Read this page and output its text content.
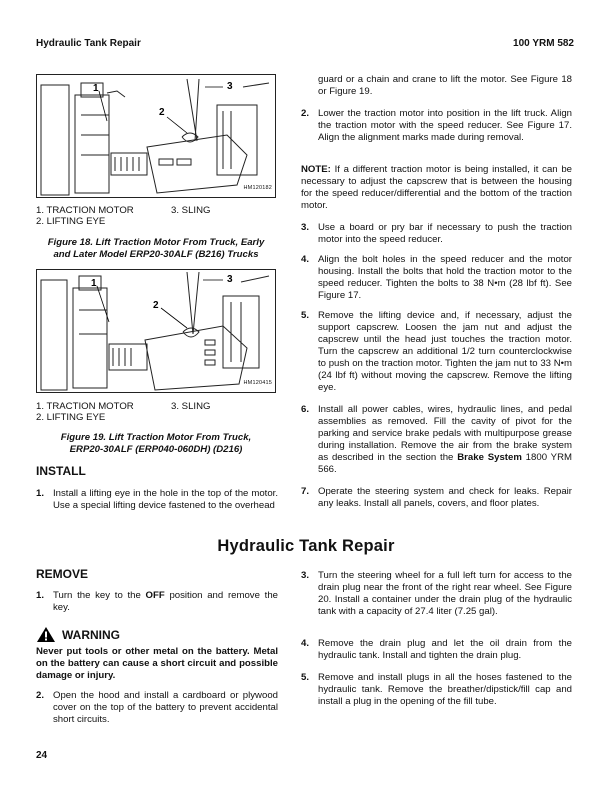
Hydraulic Tank Repair	100 YRM 582
1
2
3
HM120182
1. TRACTION MOTOR	3. SLING
2. LIFTING EYE
Figure 18. Lift Traction Motor From Truck, Early
and Later Model ERP20-30ALF (B216) Trucks
1
2
3
HM120415
1. TRACTION MOTOR	3. SLING
2. LIFTING EYE
Figure 19. Lift Traction Motor From Truck,
ERP20-30ALF (ERP040-060DH) (D216)
INSTALL
1. Install a lifting eye in the hole in the top of the motor. Use a special lifting device fastened to the overhead
guard or a chain and crane to lift the motor. See Figure 18 or Figure 19.
2. Lower the traction motor into position in the lift truck. Align the traction motor with the speed reducer. See Figure 17. Align the alignment marks made during removal.
NOTE: If a different traction motor is being installed, it can be necessary to adjust the capscrew that is between the housing for the speed reducer/differential and the bottom of the traction motor.
3. Use a board or pry bar if necessary to push the traction motor into the speed reducer.
4. Align the bolt holes in the speed reducer and the motor housing. Install the bolts that hold the traction motor to the speed reducer. Tighten the bolts to 38 N•m (28 lbf ft). See Figure 17.
5. Remove the lifting device and, if necessary, adjust the support capscrew. Loosen the jam nut and adjust the capscrew until the head just touches the traction motor. Turn the capscrew an additional 1/2 turn counterclockwise to push on the traction motor. Tighten the jam nut to 33 N•m (24 lbf ft) without moving the capscrew. Remove the lifting eye.
6. Install all power cables, wires, hydraulic lines, and pedal assemblies as removed. Fill the cavity of pivot for the parking and service brake pedals with multipurpose grease during installation. Remove the air from the brake system as described in the section the Brake System 1800 YRM 566.
7. Operate the steering system and check for leaks. Repair any leaks. Install all panels, covers, and floor plates.
Hydraulic Tank Repair
REMOVE
1. Turn the key to the OFF position and remove the key.
WARNING
Never put tools or other metal on the battery. Metal on the battery can cause a short circuit and possible damage or injury.
2. Open the hood and install a cardboard or plywood cover on the top of the battery to prevent accidental short circuits.
3. Turn the steering wheel for a full left turn for access to the drain plug near the front of the right rear wheel. See Figure 20. Install a container under the drain plug of the hydraulic tank with a capacity of 27.4 liter (7.25 gal).
4. Remove the drain plug and let the oil drain from the hydraulic tank. Install and tighten the drain plug.
5. Remove and install plugs in all the hoses fastened to the hydraulic tank. Remove the breather/dipstick/fill cap and install a plug in the opening of the fill tube.
24
